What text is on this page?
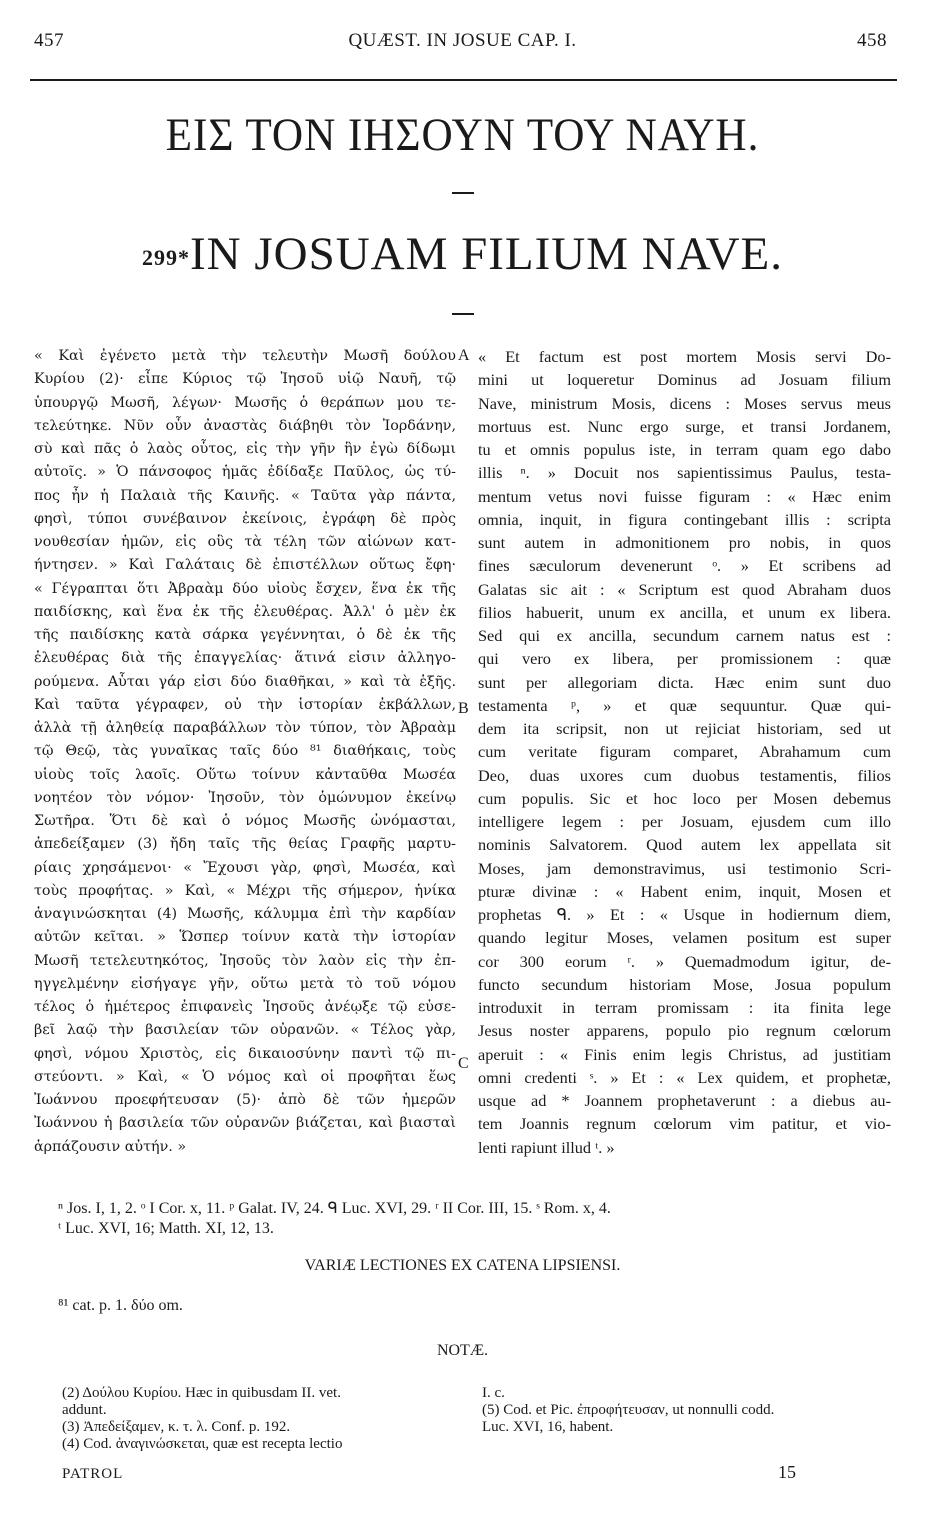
457	QUÆST. IN JOSUE CAP. I.	458
ΕΙΣ ΤΟΝ ΙΗΣΟΥΝ ΤΟΥ ΝΑΥΗ.
299*IN JOSUAM FILIUM NAVE.
« Καὶ ἐγένετο μετὰ τὴν τελευτὴν Μωσῆ δούλου
Κυρίου (2)· εἶπε Κύριος τῷ Ἰησοῦ υἱῷ Ναυῆ, τῷ
ὑπουργῷ Μωσῆ, λέγων· Μωσῆς ὁ θεράπων μου τε-
τελεύτηκε. Νῦν οὖν ἀναστὰς διάβηθι τὸν Ἰορδάνην,
σὺ καὶ πᾶς ὁ λαὸς οὗτος, εἰς τὴν γῆν ἣν ἐγὼ δίδωμι
αὐτοῖς. » Ὁ πάνσοφος ἡμᾶς ἐδίδαξε Παῦλος, ὡς τύ-
πος ἦν ἡ Παλαιὰ τῆς Καινῆς. « Ταῦτα γὰρ πάντα,
φησὶ, τύποι συνέβαινον ἐκείνοις, ἐγράφη δὲ πρὸς
νουθεσίαν ἡμῶν, εἰς οὓς τὰ τέλη τῶν αἰώνων κατ-
ήντησεν. » Καὶ Γαλάταις δὲ ἐπιστέλλων οὕτως ἔφη·
« Γέγραπται ὅτι Ἀβραὰμ δύο υἱοὺς ἔσχεν, ἕνα ἐκ τῆς
παιδίσκης, καὶ ἕνα ἐκ τῆς ἐλευθέρας. Ἀλλ' ὁ μὲν ἐκ
τῆς παιδίσκης κατὰ σάρκα γεγέννηται, ὁ δὲ ἐκ τῆς
ἐλευθέρας διὰ τῆς ἐπαγγελίας· ἅτινά εἰσιν ἀλληγο-
ρούμενα. Αὗται γάρ εἰσι δύο διαθῆκαι, » καὶ τὰ ἑξῆς.
Καὶ ταῦτα γέγραφεν, οὐ τὴν ἱστορίαν ἐκβάλλων,
ἀλλὰ τῇ ἀληθείᾳ παραβάλλων τὸν τύπον, τὸν Ἀβραὰμ
τῷ Θεῷ, τὰς γυναῖκας ταῖς δύο ⁸¹ διαθήκαις, τοὺς
υἱοὺς τοῖς λαοῖς. Οὕτω τοίνυν κἀνταῦθα Μωσέα
νοητέον τὸν νόμον· Ἰησοῦν, τὸν ὁμώνυμον ἐκείνῳ
Σωτῆρα. Ὅτι δὲ καὶ ὁ νόμος Μωσῆς ὠνόμασται,
ἀπεδείξαμεν (3) ἤδη ταῖς τῆς θείας Γραφῆς μαρτυ-
ρίαις χρησάμενοι· « Ἔχουσι γὰρ, φησὶ, Μωσέα, καὶ
τοὺς προφήτας. » Καὶ, « Μέχρι τῆς σήμερον, ἡνίκα
ἀναγινώσκηται (4) Μωσῆς, κάλυμμα ἐπὶ τὴν καρδίαν
αὐτῶν κεῖται. » Ὥσπερ τοίνυν κατὰ τὴν ἱστορίαν
Μωσῆ τετελευτηκότος, Ἰησοῦς τὸν λαὸν εἰς τὴν ἐπ-
ηγγελμένην εἰσήγαγε γῆν, οὕτω μετὰ τὸ τοῦ νόμου
τέλος ὁ ἡμέτερος ἐπιφανεὶς Ἰησοῦς ἀνέῳξε τῷ εὐσε-
βεῖ λαῷ τὴν βασιλείαν τῶν οὐρανῶν. « Τέλος γὰρ,
φησὶ, νόμου Χριστὸς, εἰς δικαιοσύνην παντὶ τῷ πι-
στεύοντι. » Καὶ, « Ὁ νόμος καὶ οἱ προφῆται ἕως
Ἰωάννου προεφήτευσαν (5)· ἀπὸ δὲ τῶν ἡμερῶν
Ἰωάννου ἡ βασιλεία τῶν οὐρανῶν βιάζεται, καὶ βιασταὶ
ἁρπάζουσιν αὐτήν. »
A
B
C
« Et factum est post mortem Mosis servi Do-
mini ut loqueretur Dominus ad Josuam filium
Nave, ministrum Mosis, dicens : Moses servus meus
mortuus est. Nunc ergo surge, et transi Jordanem,
tu et omnis populus iste, in terram quam ego dabo
illis ⁿ. » Docuit nos sapientissimus Paulus, testa-
mentum vetus novi fuisse figuram : « Hæc enim
omnia, inquit, in figura contingebant illis : scripta
sunt autem in admonitionem pro nobis, in quos
fines sæculorum devenerunt ᵒ. » Et scribens ad
Galatas sic ait : « Scriptum est quod Abraham duos
filios habuerit, unum ex ancilla, et unum ex libera.
Sed qui ex ancilla, secundum carnem natus est :
qui vero ex libera, per promissionem : quæ
sunt per allegoriam dicta. Hæc enim sunt duo
testamenta ᵖ, » et quæ sequuntur. Quæ qui-
dem ita scripsit, non ut rejiciat historiam, sed ut
cum veritate figuram comparet, Abrahamum cum
Deo, duas uxores cum duobus testamentis, filios
cum populis. Sic et hoc loco per Mosen debemus
intelligere legem : per Josuam, ejusdem cum illo
nominis Salvatorem. Quod autem lex appellata sit
Moses, jam demonstravimus, usi testimonio Scri-
pturæ divinæ : « Habent enim, inquit, Mosen et
prophetas ᑫ. » Et : « Usque in hodiernum diem,
quando legitur Moses, velamen positum est super
cor 300 eorum ʳ. » Quemadmodum igitur, de-
functo secundum historiam Mose, Josua populum
introduxit in terram promissam : ita finita lege
Jesus noster apparens, populo pio regnum cœlorum
aperuit : « Finis enim legis Christus, ad justitiam
omni credenti ˢ. » Et : « Lex quidem, et prophetæ,
usque ad * Joannem prophetaverunt : a diebus au-
tem Joannis regnum cœlorum vim patitur, et vio-
lenti rapiunt illud ᵗ. »
ⁿ Jos. I, 1, 2. ᵒ I Cor. x, 11. ᵖ Galat. IV, 24. ᑫ Luc. XVI, 29. ʳ II Cor. III, 15. ˢ Rom. x, 4.
ᵗ Luc. XVI, 16; Matth. XI, 12, 13.
VARIÆ LECTIONES EX CATENA LIPSIENSI.
⁸¹ cat. p. 1. δύο om.
NOTÆ.
(2) Δούλου Κυρίου. Hæc in quibusdam II. vet.
addunt.
(3) Ἀπεδείξαμεν, κ. τ. λ. Conf. p. 192.
(4) Cod. ἀναγινώσκεται, quæ est recepta lectio
I. c.
(5) Cod. et Pic. ἐπροφήτευσαν, ut nonnulli codd.
Luc. XVI, 16, habent.
PATROL	15
